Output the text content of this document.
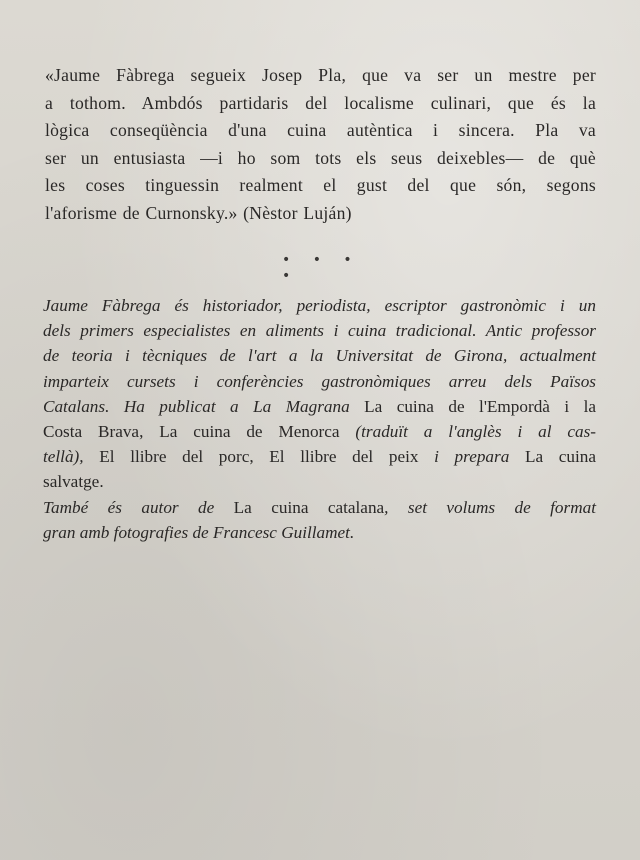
«Jaume Fàbrega segueix Josep Pla, que va ser un mestre per
a tothom. Ambdós partidaris del localisme culinari, que és la
lògica conseqüència d'una cuina autèntica i sincera. Pla va
ser un entusiasta —i ho som tots els seus deixebles— de què
les coses tinguessin realment el gust del que són, segons
l'aforisme de Curnonsky.» (Nèstor Luján)
• • • •
Jaume Fàbrega és historiador, periodista, escriptor gastronòmic i un
dels primers especialistes en aliments i cuina tradicional. Antic professor
de teoria i tècniques de l'art a la Universitat de Girona, actualment
imparteix cursets i conferències gastronòmiques arreu dels Països
Catalans. Ha publicat a La Magrana La cuina de l'Empordà i la
Costa Brava, La cuina de Menorca (traduït a l'anglès i al cas-
tellà), El llibre del porc, El llibre del peix i prepara La cuina
salvatge.
També és autor de La cuina catalana, set volums de format
gran amb fotografies de Francesc Guillamet.
